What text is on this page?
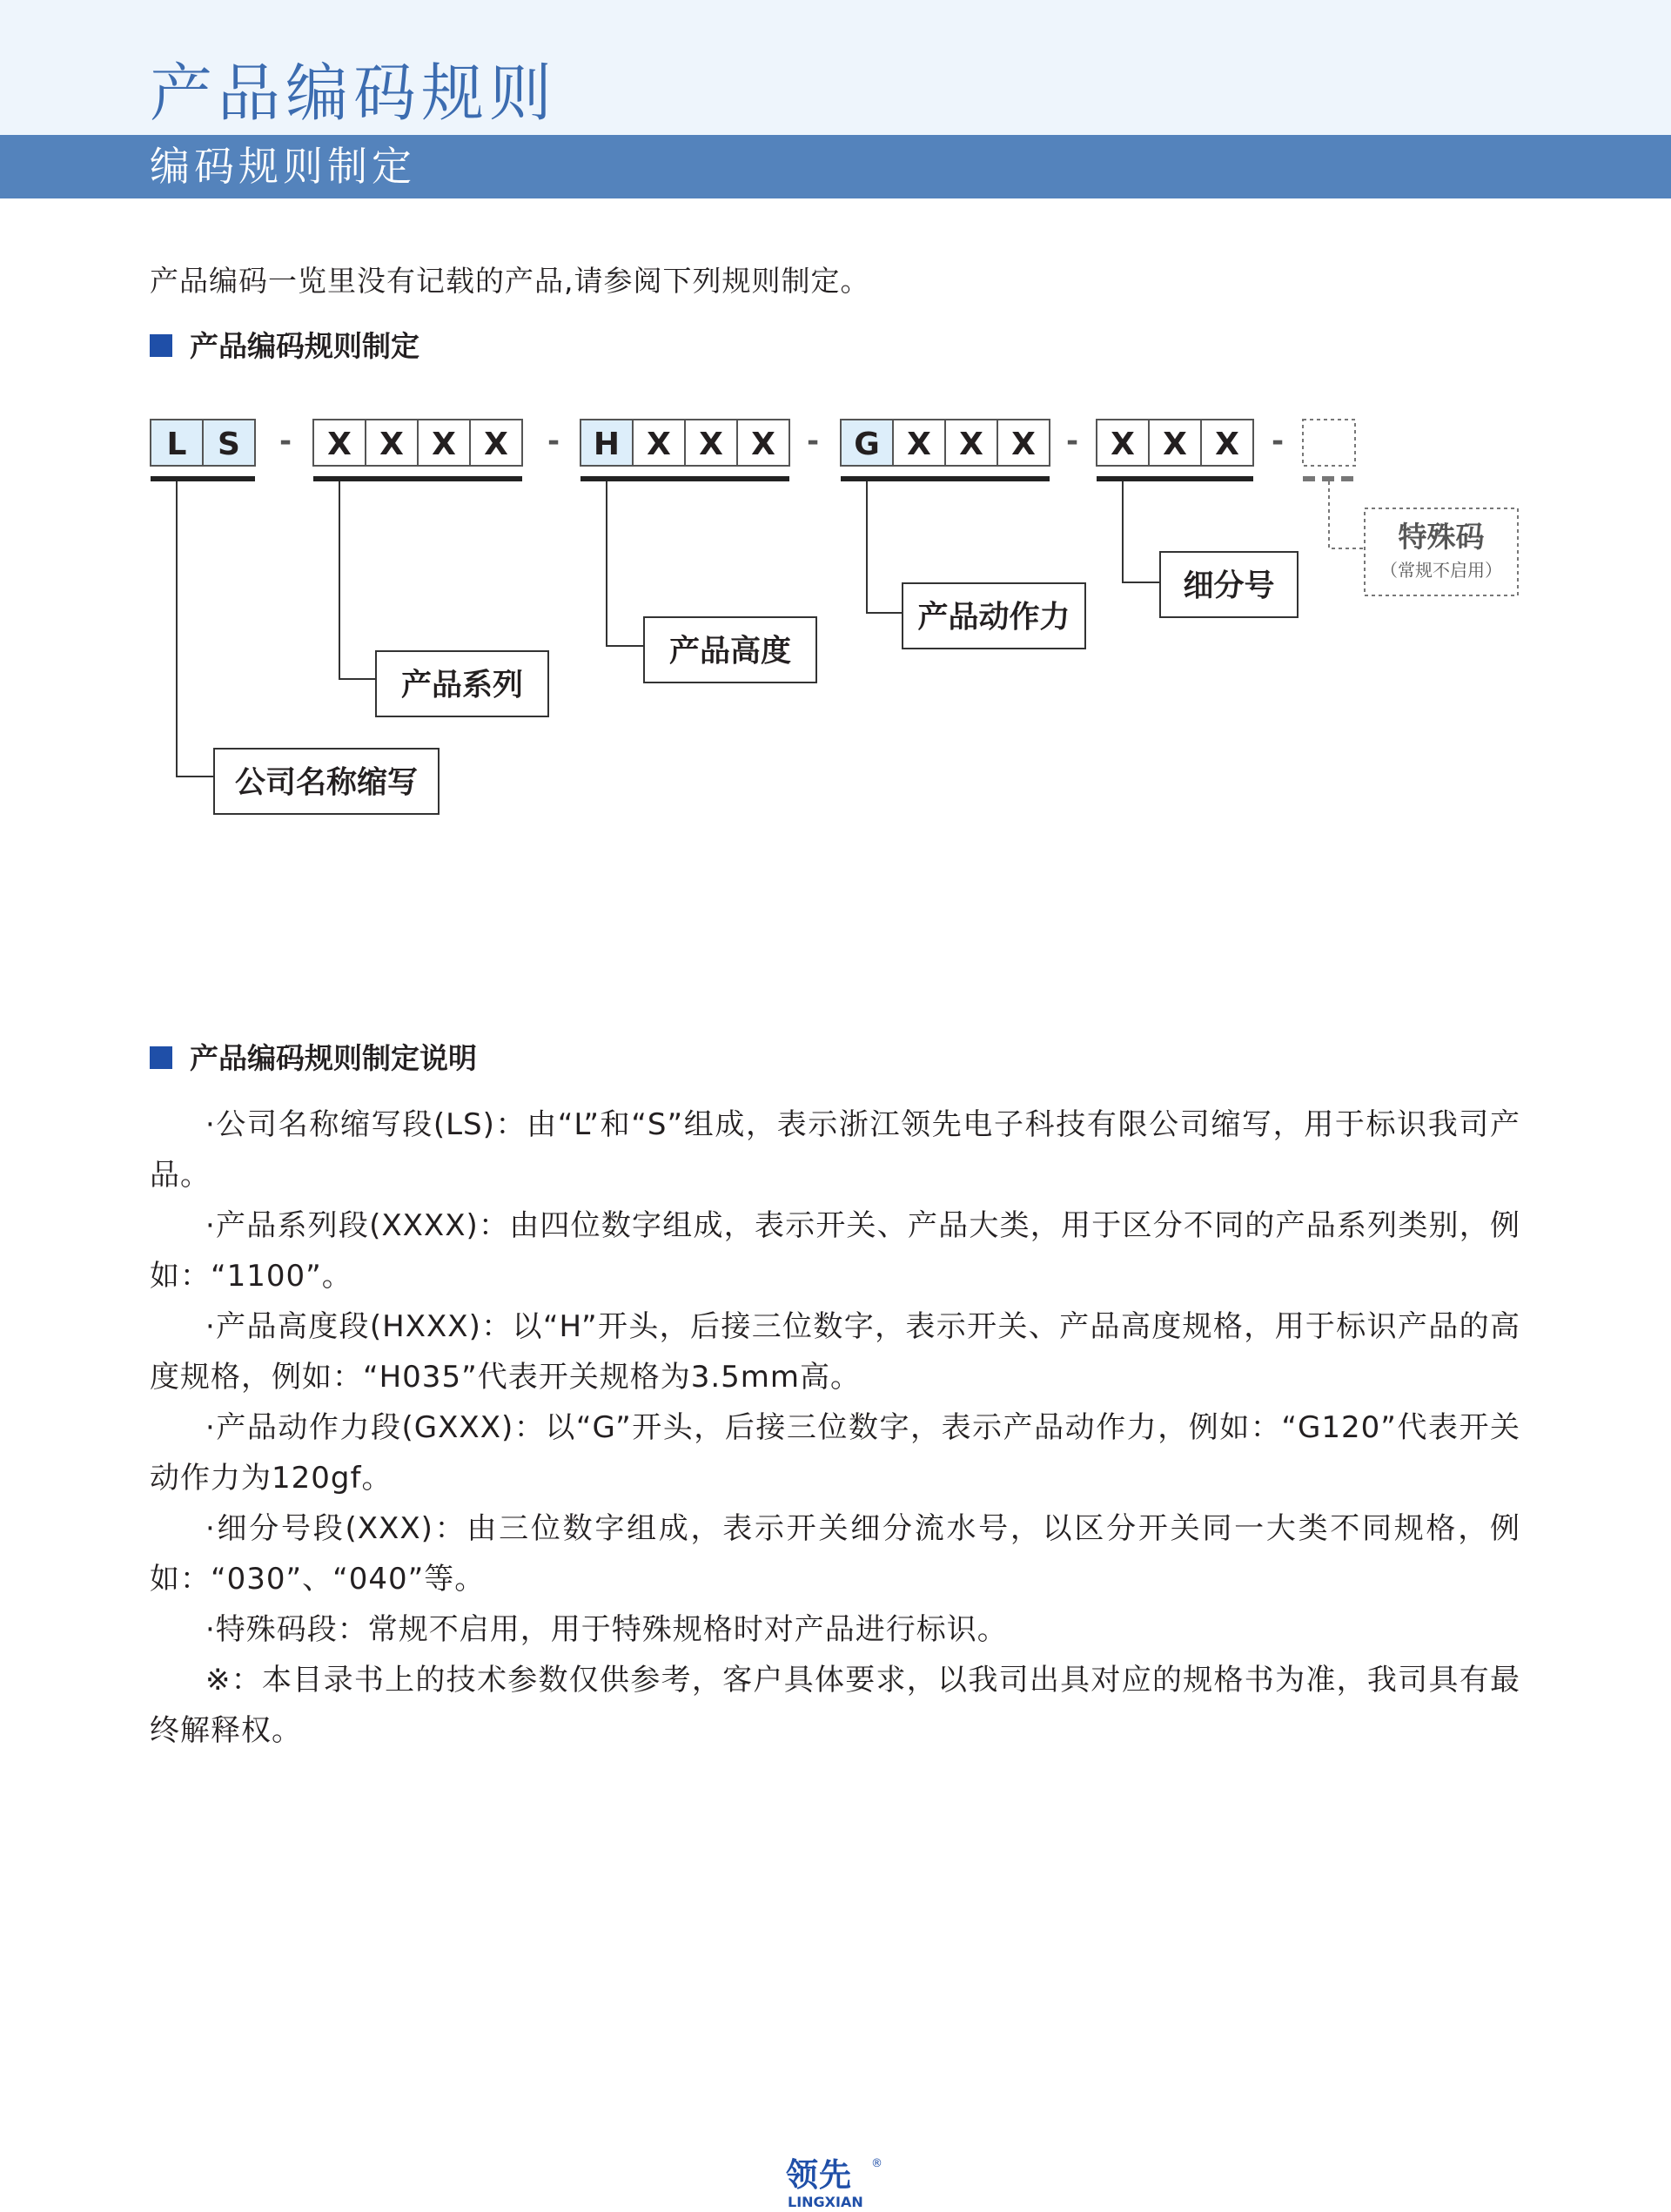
产品编码规则
编码规则制定
产品编码一览里没有记载的产品,请参阅下列规则制定。
产品编码规则制定
L S
公司名称缩写
X X X X
产品系列
H X X X
产品高度
G X X X
产品动作力
X X X
细分号
特殊码
（常规不启用）
-	-	-	-	-
产品编码规则制定说明

·公司名称缩写段(LS)：由“L”和“S”组成，表示浙江领先电子科技有限公司缩写，用于标识我司产品。

·产品系列段(XXXX)：由四位数字组成，表示开关、产品大类，用于区分不同的产品系列类别，例如：“1100”。

·产品高度段(HXXX)：以“H”开头，后接三位数字，表示开关、产品高度规格，用于标识产品的高度规格，例如：“H035”代表开关规格为3.5mm高。

·产品动作力段(GXXX)：以“G”开头，后接三位数字，表示产品动作力，例如：“G120”代表开关动作力为120gf。

·细分号段(XXX)：由三位数字组成，表示开关细分流水号，以区分开关同一大类不同规格，例如：“030”、“040”等。

·特殊码段：常规不启用，用于特殊规格时对产品进行标识。

※：本目录书上的技术参数仅供参考，客户具体要求，以我司出具对应的规格书为准，我司具有最终解释权。

领先 ®
LINGXIAN
